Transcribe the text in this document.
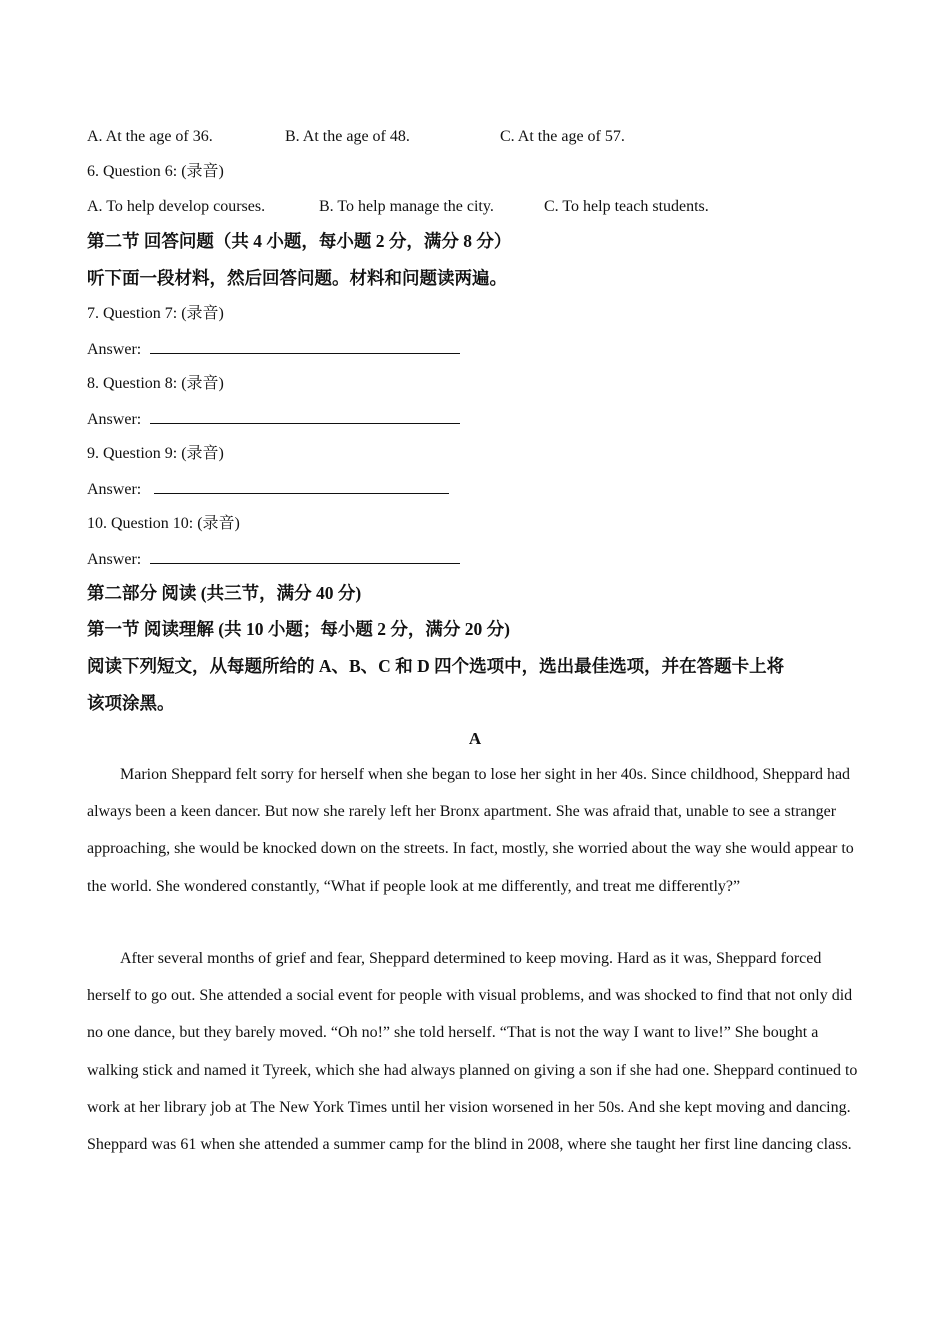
A. At the age of 36.	B. At the age of 48.	C. At the age of 57.
6. Question 6: (录音)
A. To help develop courses.	B. To help manage the city.	C. To help teach students.
第二节 回答问题（共 4 小题，每小题 2 分，满分 8 分）
听下面一段材料，然后回答问题。材料和问题读两遍。
7. Question 7: (录音)
Answer:
8. Question 8: (录音)
Answer:
9. Question 9: (录音)
Answer:
10. Question 10: (录音)
Answer:
第二部分 阅读 (共三节，满分 40 分)
第一节 阅读理解 (共 10 小题；每小题 2 分，满分 20 分)
阅读下列短文，从每题所给的 A、B、C 和 D 四个选项中，选出最佳选项，并在答题卡上将
该项涂黑。
A
Marion Sheppard felt sorry for herself when she began to lose her sight in her 40s. Since childhood, Sheppard had always been a keen dancer. But now she rarely left her Bronx apartment. She was afraid that, unable to see a stranger approaching, she would be knocked down on the streets. In fact, mostly, she worried about the way she would appear to the world. She wondered constantly, “What if people look at me differently, and treat me differently?”
After several months of grief and fear, Sheppard determined to keep moving. Hard as it was, Sheppard forced herself to go out. She attended a social event for people with visual problems, and was shocked to find that not only did no one dance, but they barely moved. “Oh no!” she told herself. “That is not the way I want to live!” She bought a walking stick and named it Tyreek, which she had always planned on giving a son if she had one. Sheppard continued to work at her library job at The New York Times until her vision worsened in her 50s. And she kept moving and dancing. Sheppard was 61 when she attended a summer camp for the blind in 2008, where she taught her first line dancing class.
